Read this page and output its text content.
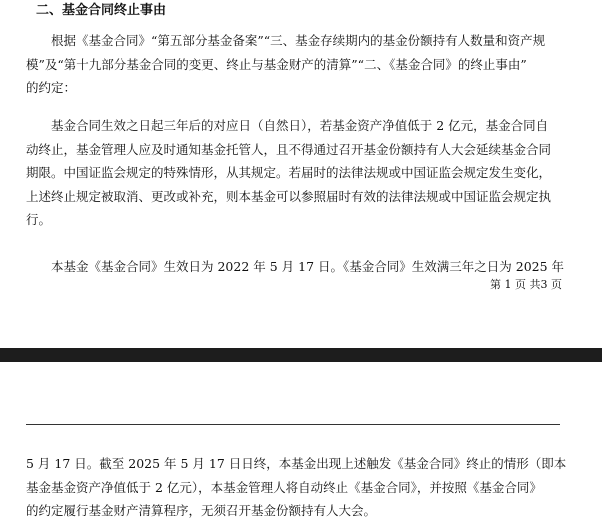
二、基金合同终止事由
　　根据《基金合同》“第五部分基金备案”“三、基金存续期内的基金份额持有人数量和资产规
模”及“第十九部分基金合同的变更、终止与基金财产的清算”“二、《基金合同》的终止事由”
的约定：
　　基金合同生效之日起三年后的对应日（自然日），若基金资产净值低于 2 亿元，基金合同自
动终止，基金管理人应及时通知基金托管人，且不得通过召开基金份额持有人大会延续基金合同
期限。中国证监会规定的特殊情形，从其规定。若届时的法律法规或中国证监会规定发生变化，
上述终止规定被取消、更改或补充，则本基金可以参照届时有效的法律法规或中国证监会规定执
行。
　　本基金《基金合同》生效日为 2022 年 5 月 17 日。《基金合同》生效满三年之日为 2025 年
第 1 页 共3 页
5 月 17 日。截至 2025 年 5 月 17 日日终，本基金出现上述触发《基金合同》终止的情形（即本
基金基金资产净值低于 2 亿元），本基金管理人将自动终止《基金合同》，并按照《基金合同》
的约定履行基金财产清算程序，无须召开基金份额持有人大会。
